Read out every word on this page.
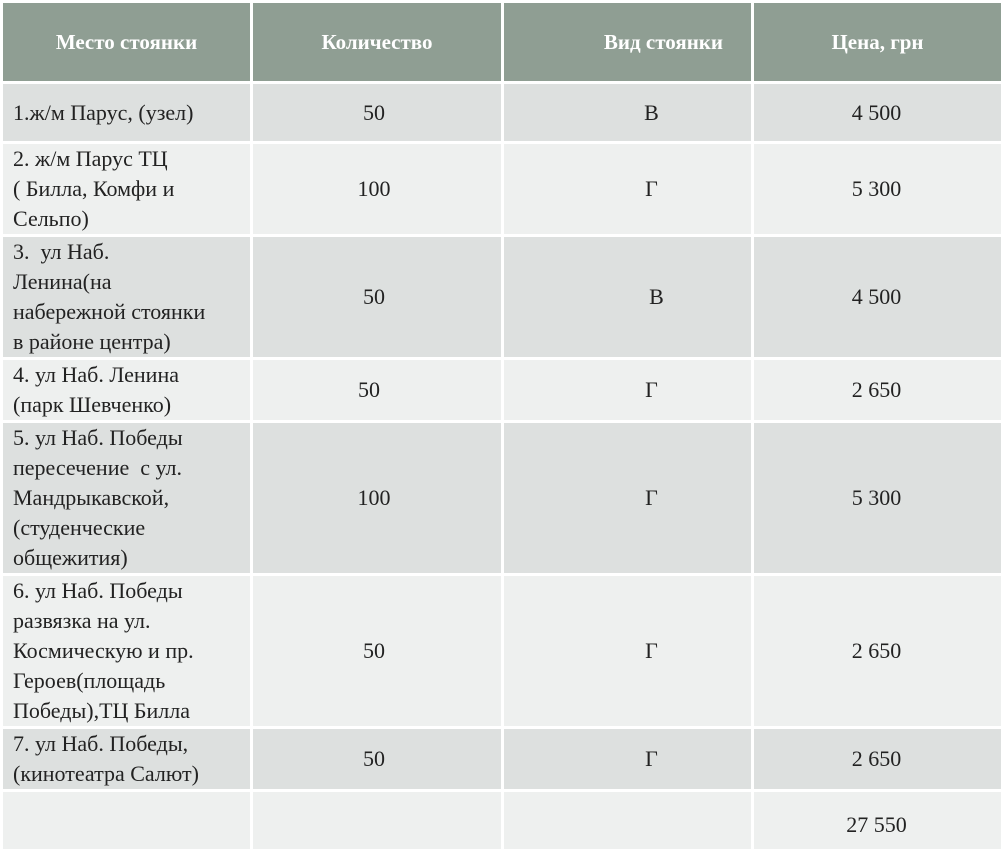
Место стоянки	Количество	Вид стоянки	Цена, грн

1.ж/м Парус, (узел)	50	В	4 500

2. ж/м Парус ТЦ
( Билла, Комфи и
Сельпо)	100	Г	5 300

3.  ул Наб.
Ленина(на
набережной стоянки
в районе центра)	50	В	4 500

4. ул Наб. Ленина
(парк Шевченко)	50	Г	2 650

5. ул Наб. Победы
пересечение  с ул.
Мандрыкавской,
(студенческие
общежития)	100	Г	5 300

6. ул Наб. Победы
развязка на ул.
Космическую и пр.
Героев(площадь
Победы),ТЦ Билла	50	Г	2 650

7. ул Наб. Победы,
(кинотеатра Салют)	50	Г	2 650
			27 550
